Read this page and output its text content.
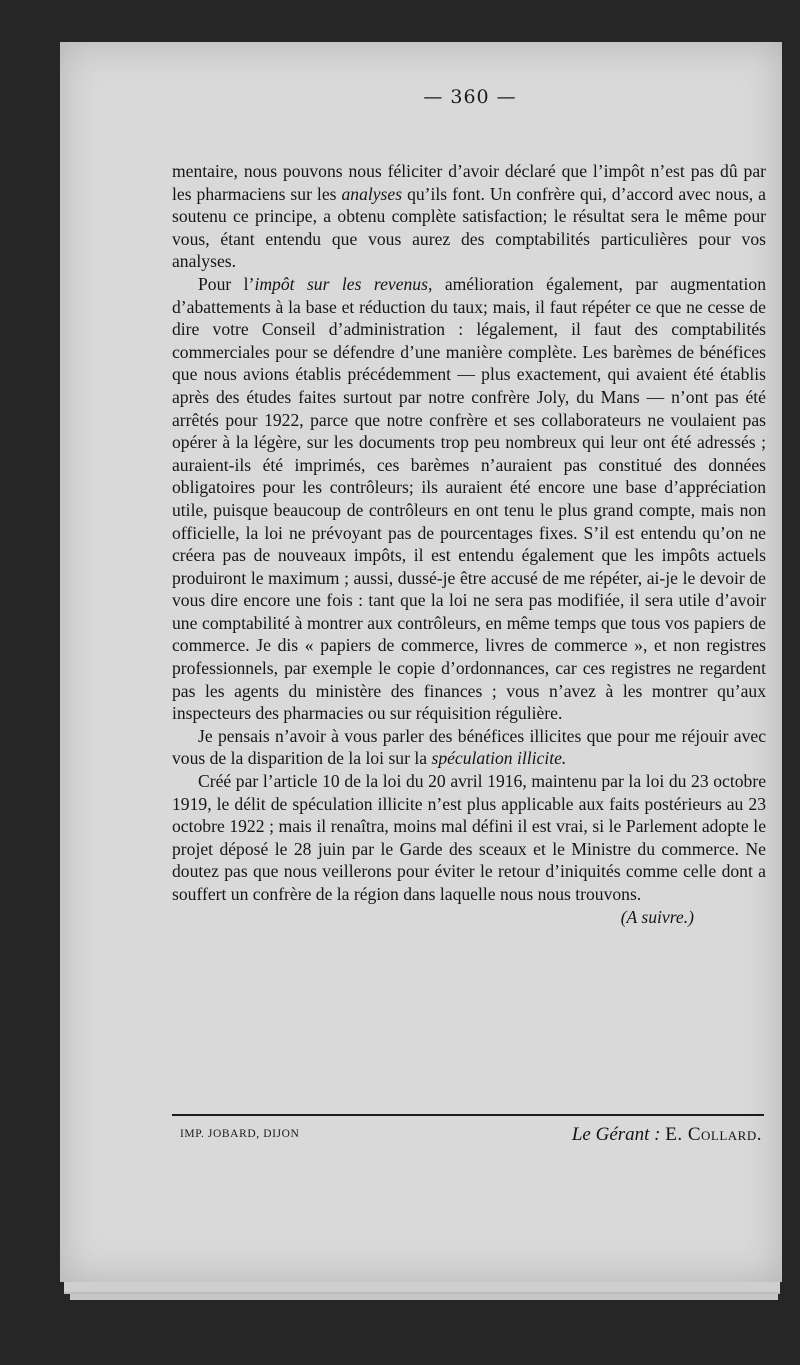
— 360 —

mentaire, nous pouvons nous féliciter d’avoir déclaré que l’impôt n’est pas dû par les pharmaciens sur les analyses qu’ils font. Un confrère qui, d’accord avec nous, a soutenu ce principe, a obtenu complète satisfaction; le résultat sera le même pour vous, étant entendu que vous aurez des comptabilités particulières pour vos analyses.

Pour l’impôt sur les revenus, amélioration également, par augmentation d’abattements à la base et réduction du taux; mais, il faut répéter ce que ne cesse de dire votre Conseil d’administration : légalement, il faut des comptabilités commerciales pour se défendre d’une manière complète. Les barèmes de bénéfices que nous avions établis précédemment — plus exactement, qui avaient été établis après des études faites surtout par notre confrère Joly, du Mans — n’ont pas été arrêtés pour 1922, parce que notre confrère et ses collaborateurs ne voulaient pas opérer à la légère, sur les documents trop peu nombreux qui leur ont été adressés ; auraient-ils été imprimés, ces barèmes n’auraient pas constitué des données obligatoires pour les contrôleurs; ils auraient été encore une base d’appréciation utile, puisque beaucoup de contrôleurs en ont tenu le plus grand compte, mais non officielle, la loi ne prévoyant pas de pourcentages fixes. S’il est entendu qu’on ne créera pas de nouveaux impôts, il est entendu également que les impôts actuels produiront le maximum ; aussi, dussé-je être accusé de me répéter, ai-je le devoir de vous dire encore une fois : tant que la loi ne sera pas modifiée, il sera utile d’avoir une comptabilité à montrer aux contrôleurs, en même temps que tous vos papiers de commerce. Je dis « papiers de commerce, livres de commerce », et non registres professionnels, par exemple le copie d’ordonnances, car ces registres ne regardent pas les agents du ministère des finances ; vous n’avez à les montrer qu’aux inspecteurs des pharmacies ou sur réquisition régulière.

Je pensais n’avoir à vous parler des bénéfices illicites que pour me réjouir avec vous de la disparition de la loi sur la spéculation illicite.

Créé par l’article 10 de la loi du 20 avril 1916, maintenu par la loi du 23 octobre 1919, le délit de spéculation illicite n’est plus applicable aux faits postérieurs au 23 octobre 1922 ; mais il renaîtra, moins mal défini il est vrai, si le Parlement adopte le projet déposé le 28 juin par le Garde des sceaux et le Ministre du commerce. Ne doutez pas que nous veillerons pour éviter le retour d’iniquités comme celle dont a souffert un confrère de la région dans laquelle nous nous trouvons.

(A suivre.)

IMP. JOBARD, DIJON	Le Gérant : E. Collard.
